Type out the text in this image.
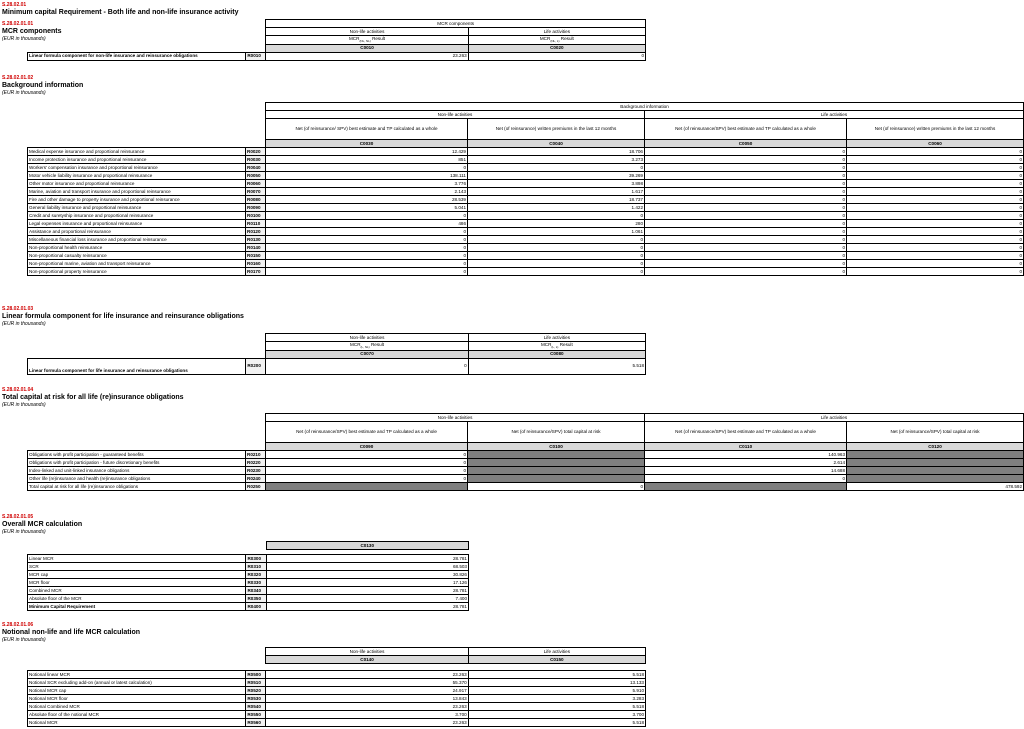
S.28.02.01
Minimum capital Requirement - Both life and non-life insurance activity
S.28.02.01.01
MCR components
(EUR in thousands)
		MCR components	
		Non-life activities	Life activities
		$MCR_{(NL, NL)}$ Result	$MCR_{(NL, L)}$ Result
		C0010	C0020
Linear formula component for non-life insurance and reinsurance obligations	R0010	23.263	0
S.28.02.01.02
Background information
(EUR in thousands)
		Background information			
		Non-life activities		Life activities	
		Net (of reinsurance/ SPV) best estimate and TP calculated as a whole	Net (of reinsurance) written premiums in the last 12 months	Net (of reinsurance/SPV) best estimate and TP calculated as a whole	Net (of reinsurance) written premiums in the last 12 months
		C0030	C0040	C0050	C0060
Medical expense insurance and proportional reinsurance	R0020	12.429	18.706	0	0
Income protection insurance and proportional reinsurance	R0030	851	3.273	0	0
Workers' compensation insurance and proportional reinsurance	R0040	0	0	0	0
Motor vehicle liability insurance and proportional reinsurance	R0050	138.111	39.269	0	0
Other motor insurance and proportional reinsurance	R0060	3.776	3.898	0	0
Marine, aviation and transport insurance and proportional reinsurance	R0070	2.143	1.617	0	0
Fire and other damage to property insurance and proportional reinsurance	R0080	28.539	18.737	0	0
General liability insurance and proportional reinsurance	R0090	5.041	1.422	0	0
Credit and suretyship insurance and proportional reinsurance	R0100	0	0	0	0
Legal expenses insurance and proportional reinsurance	R0110	486	280	0	0
Assistance and proportional reinsurance	R0120	0	1.061	0	0
Miscellaneous financial loss insurance and proportional reinsurance	R0130	0	0	0	0
Non-proportional health reinsurance	R0140	0	0	0	0
Non-proportional casualty reinsurance	R0150	0	0	0	0
Non-proportional marine, aviation and transport reinsurance	R0160	0	0	0	0
Non-proportional property reinsurance	R0170	0	0	0	0
S.28.02.01.03
Linear formula component for life insurance and reinsurance obligations
(EUR in thousands)
		Non-life activities	Life activities
		$MCR_{(L, NL)}$ Result	$MCR_{(L, L)}$ Result
		C0070	C0080
Linear formula component for life insurance and reinsurance obligations	R0200	0	5.518
S.28.02.01.04
Total capital at risk for all life (re)insurance obligations
(EUR in thousands)
		Non-life activities		Life activities	
		Net (of reinsurance/SPV) best estimate and TP calculated as a whole	Net (of reinsurance/SPV) total capital at risk	Net (of reinsurance/SPV) best estimate and TP calculated as a whole	Net (of reinsurance/SPV) total capital at risk
		C0090	C0100	C0110	C0120
Obligations with profit participation - guaranteed benefits	R0210	0		140.963	
Obligations with profit participation - future discretionary benefits	R0220	0		2.614	
Index-linked and unit-linked insurance obligations	R0230	0		14.688	
Other life (re)insurance and health (re)insurance obligations	R0240	0		0	
Total capital at risk for all life (re)insurance obligations	R0250		0		478.592
S.28.02.01.05
Overall MCR calculation
(EUR in thousands)
		C0130

Linear MCR	R0300	28.781
SCR	R0310	68.503
MCR cap	R0320	30.826
MCR floor	R0330	17.126
Combined MCR	R0340	28.781
Absolute floor of the MCR	R0350	7.400
Minimum Capital Requirement	R0400	28.781
S.28.02.01.06
Notional non-life and life MCR calculation
(EUR in thousands)
		Non-life activities	Life activities
		C0140	C0150

Notional linear MCR	R0500	23.263	5.518
Notional SCR excluding add-on (annual or latest calculation)	R0510	55.370	13.133
Notional MCR cap	R0520	24.917	5.910
Notional MCR floor	R0530	13.843	3.283
Notional Combined MCR	R0540	23.263	5.518
Absolute floor of the notional MCR	R0550	3.700	3.700
Notional MCR	R0560	23.263	5.518
